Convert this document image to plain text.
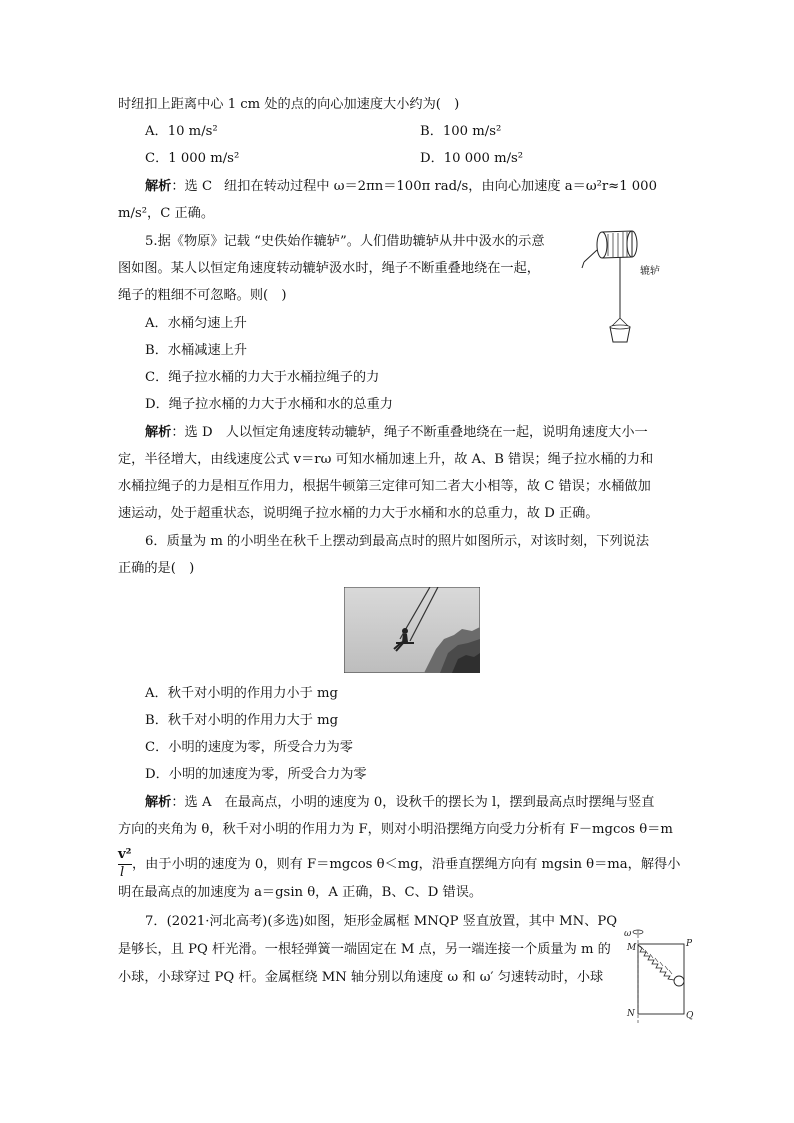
时纽扣上距离中心 1 cm 处的点的向心加速度大小约为(　)
A．10 m/s²	B．100 m/s²
C．1 000 m/s²	D．10 000 m/s²
解析：选 C 纽扣在转动过程中 ω＝2πn＝100π rad/s，由向心加速度 a＝ω²r≈1 000
m/s²，C 正确。
5.据《物原》记载 “史佚始作辘轳”。人们借助辘轳从井中汲水的示意
图如图。某人以恒定角速度转动辘轳汲水时，绳子不断重叠地绕在一起，
绳子的粗细不可忽略。则(　)
辘轳
A．水桶匀速上升
B．水桶减速上升
C．绳子拉水桶的力大于水桶拉绳子的力
D．绳子拉水桶的力大于水桶和水的总重力
解析：选 D　人以恒定角速度转动辘轳，绳子不断重叠地绕在一起，说明角速度大小一
定，半径增大，由线速度公式 v＝rω 可知水桶加速上升，故 A、B 错误；绳子拉水桶的力和
水桶拉绳子的力是相互作用力，根据牛顿第三定律可知二者大小相等，故 C 错误；水桶做加
速运动，处于超重状态，说明绳子拉水桶的力大于水桶和水的总重力，故 D 正确。
6．质量为 m 的小明坐在秋千上摆动到最高点时的照片如图所示，对该时刻，下列说法
正确的是(　)
A．秋千对小明的作用力小于 mg
B．秋千对小明的作用力大于 mg
C．小明的速度为零，所受合力为零
D．小明的加速度为零，所受合力为零
解析：选 A　在最高点，小明的速度为 0，设秋千的摆长为 l，摆到最高点时摆绳与竖直
方向的夹角为 θ，秋千对小明的作用力为 F，则对小明沿摆绳方向受力分析有 F－mgcos θ＝m
v²
l
，由于小明的速度为 0，则有 F＝mgcos θ＜mg，沿垂直摆绳方向有 mgsin θ＝ma，解得小
明在最高点的加速度为 a＝gsin θ，A 正确，B、C、D 错误。
7．(2021·河北高考)(多选)如图，矩形金属框 MNQP 竖直放置，其中 MN、PQ
是够长，且 PQ 杆光滑。一根轻弹簧一端固定在 M 点，另一端连接一个质量为 m 的
小球，小球穿过 PQ 杆。金属框绕 MN 轴分别以角速度 ω 和 ω′ 匀速转动时，小球
ω
M	P
N	Q
